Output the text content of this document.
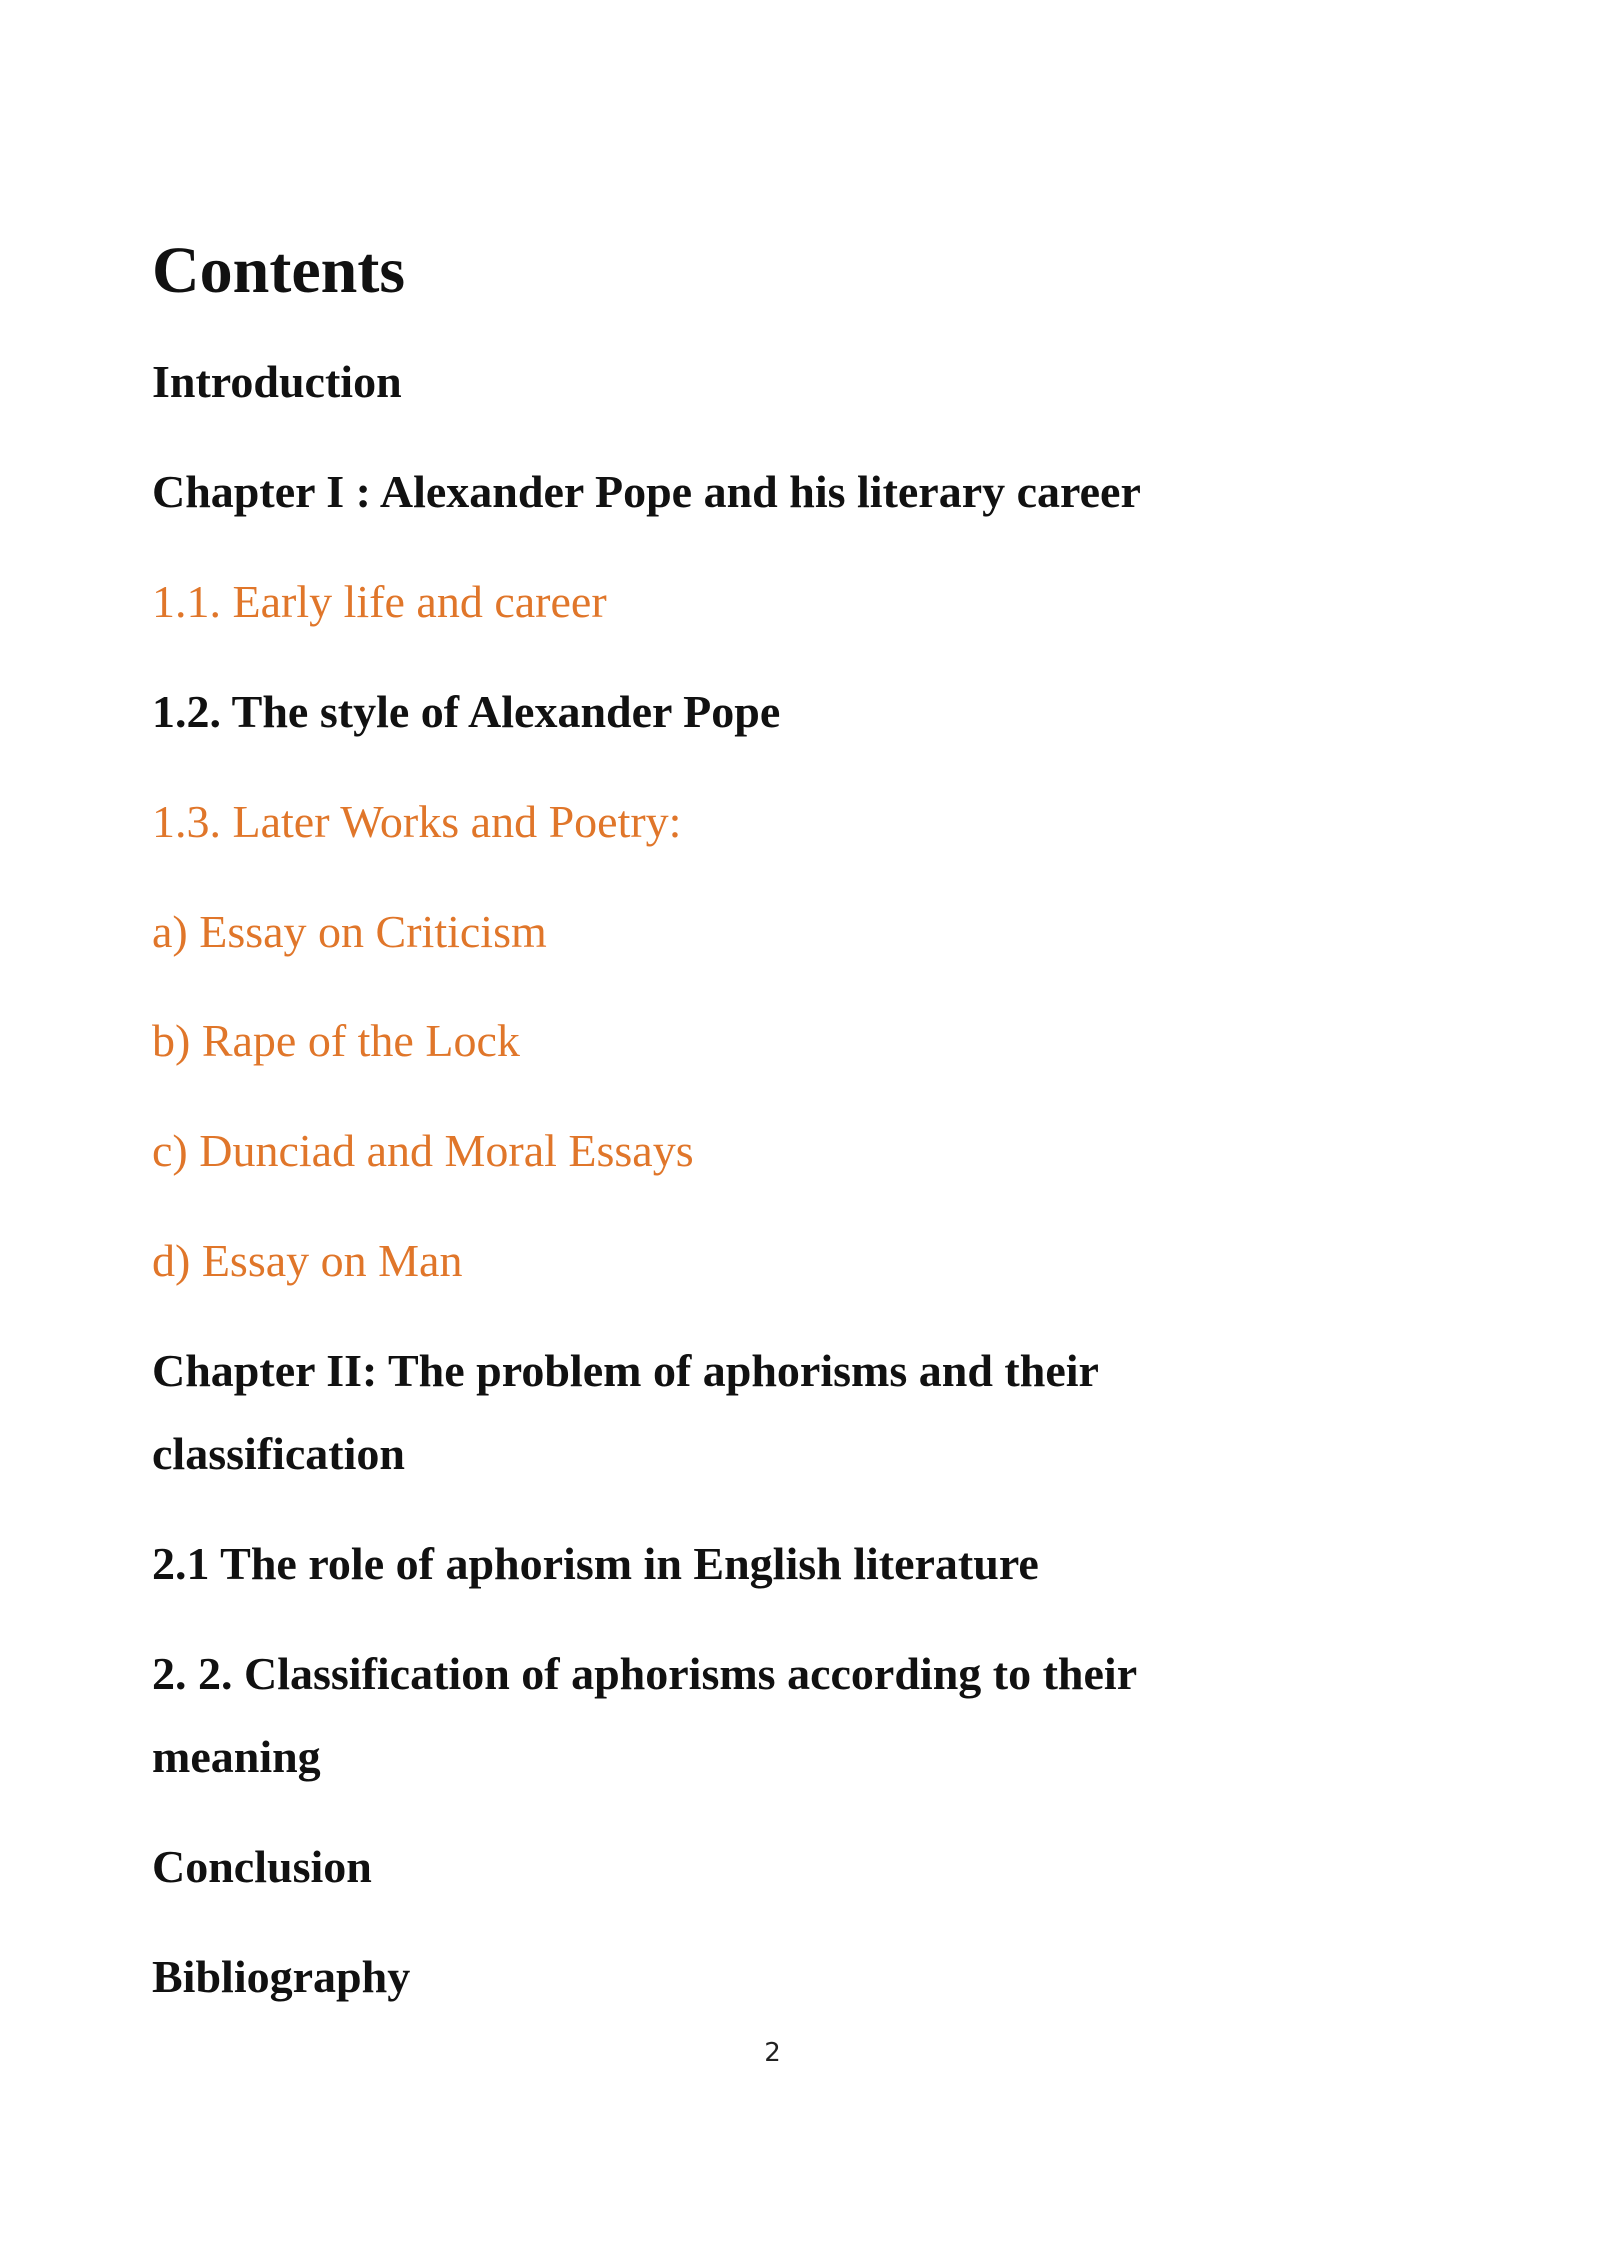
Contents

Introduction

Chapter I : Alexander Pope and his literary career

1.1. Early life and career

1.2. The style of Alexander Pope

1.3. Later Works and Poetry:

a) Essay on Criticism

b) Rape of the Lock

c) Dunciad and Moral Essays

d) Essay on Man

Chapter II: The problem of aphorisms and their

classification

2.1 The role of aphorism in English literature

2. 2. Classification of aphorisms according to their

meaning

Conclusion

Bibliography

2
